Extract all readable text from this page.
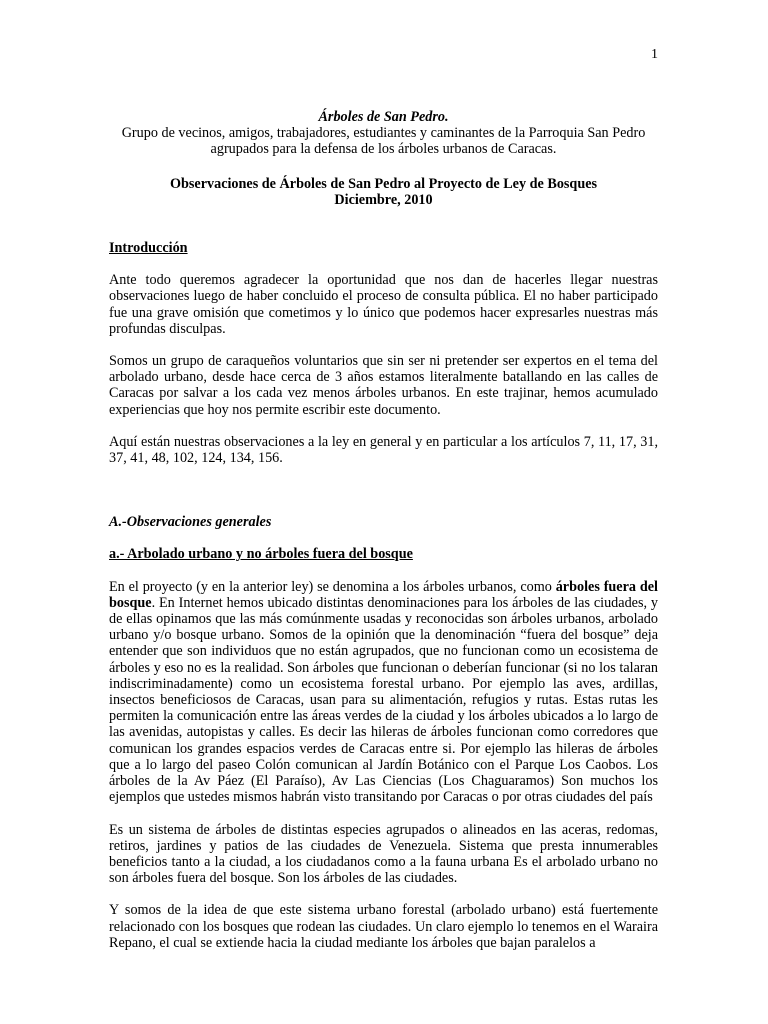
1

Árboles de San Pedro.

Grupo de vecinos, amigos, trabajadores, estudiantes y caminantes de la Parroquia San Pedro agrupados para la defensa de los árboles urbanos de Caracas.

Observaciones de Árboles de San Pedro al Proyecto de Ley de Bosques

Diciembre, 2010

Introducción

Ante todo queremos agradecer la oportunidad que nos dan de hacerles llegar nuestras observaciones luego de haber concluido el proceso de consulta pública. El no haber participado fue una grave omisión que cometimos y lo único que podemos hacer expresarles nuestras más profundas disculpas.

Somos un grupo de caraqueños voluntarios que sin ser ni pretender ser expertos en el tema del arbolado urbano, desde hace cerca de 3 años estamos literalmente batallando en las calles de Caracas por salvar a los cada vez menos árboles urbanos. En este trajinar, hemos acumulado experiencias que hoy nos permite escribir este documento.

Aquí están nuestras observaciones a la ley en general y en particular a los artículos 7, 11, 17, 31, 37, 41, 48, 102, 124, 134, 156.

A.-Observaciones generales

a.- Arbolado urbano y no árboles fuera del bosque

En el proyecto (y en la anterior ley) se denomina a los árboles urbanos, como árboles fuera del bosque. En Internet hemos ubicado distintas denominaciones para los árboles de las ciudades, y de ellas opinamos que las más comúnmente usadas y reconocidas son árboles urbanos, arbolado urbano y/o bosque urbano. Somos de la opinión que la denominación “fuera del bosque” deja entender que son individuos que no están agrupados, que no funcionan como un ecosistema de árboles y eso no es la realidad. Son árboles que funcionan o deberían funcionar (si no los talaran indiscriminadamente) como un ecosistema forestal urbano. Por ejemplo las aves, ardillas, insectos beneficiosos de Caracas, usan para su alimentación, refugios y rutas. Estas rutas les permiten la comunicación entre las áreas verdes de la ciudad y los árboles ubicados a lo largo de las avenidas, autopistas y calles. Es decir las hileras de árboles funcionan como corredores que comunican los grandes espacios verdes de Caracas entre si. Por ejemplo las hileras de árboles que a lo largo del paseo Colón comunican al Jardín Botánico con el Parque Los Caobos. Los árboles de la Av Páez (El Paraíso), Av Las Ciencias (Los Chaguaramos) Son muchos los ejemplos que ustedes mismos habrán visto transitando por Caracas o por otras ciudades del país

Es un sistema de árboles de distintas especies agrupados o alineados en las aceras, redomas, retiros, jardines y patios de las ciudades de Venezuela. Sistema que presta innumerables beneficios tanto a la ciudad, a los ciudadanos como a la fauna urbana Es el arbolado urbano no son árboles fuera del bosque. Son los árboles de las ciudades.

Y somos de la idea de que este sistema urbano forestal (arbolado urbano) está fuertemente relacionado con los bosques que rodean las ciudades. Un claro ejemplo lo tenemos en el Waraira Repano, el cual se extiende hacia la ciudad mediante los árboles que bajan paralelos a
